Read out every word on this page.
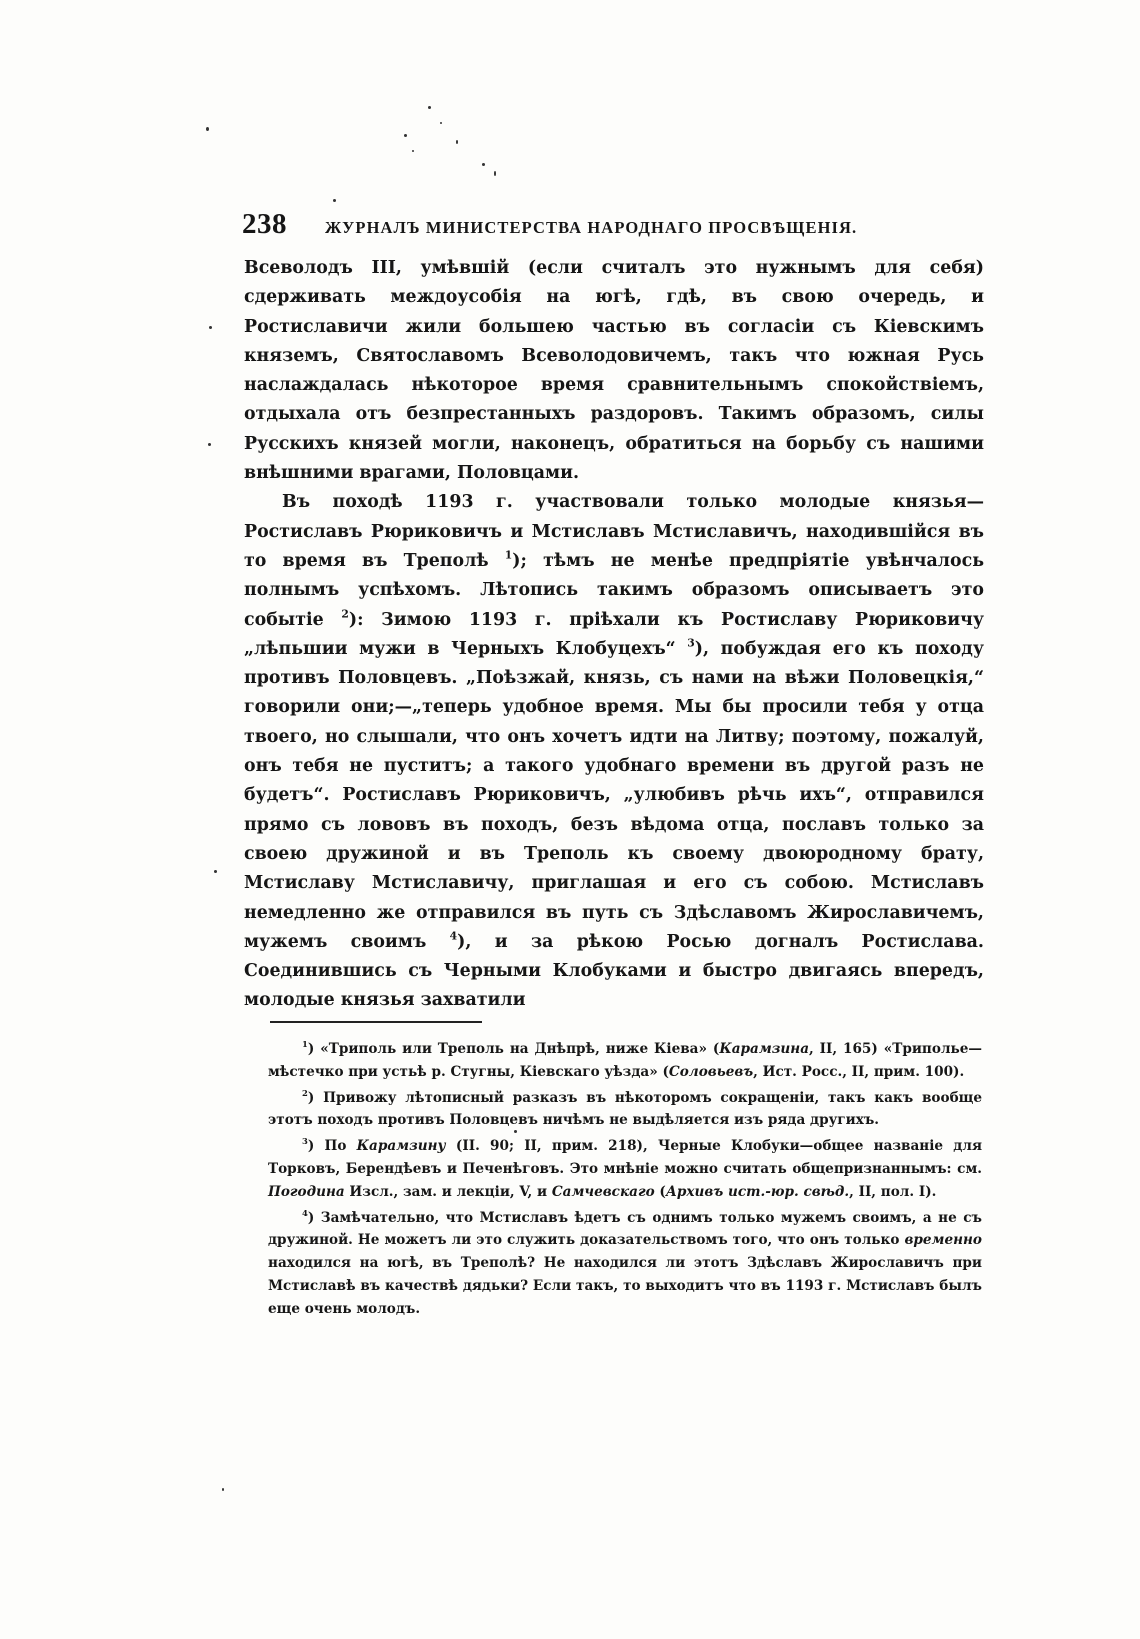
238 ЖУРНАЛЪ МИНИСТЕРСТВА НАРОДНАГО ПРОСВѢЩЕНІЯ.

Всеволодъ III, умѣвшій (если считалъ это нужнымъ для себя) сдерживать междоусобія на югѣ, гдѣ, въ свою очередь, и Ростиславичи жили большею частью въ согласіи съ Кіевскимъ княземъ, Святославомъ Всеволодовичемъ, такъ что южная Русь наслаждалась нѣкоторое время сравнительнымъ спокойствіемъ, отдыхала отъ безпрестанныхъ раздоровъ. Такимъ образомъ, силы Русскихъ князей могли, наконецъ, обратиться на борьбу съ нашими внѣшними врагами, Половцами.

Въ походѣ 1193 г. участвовали только молодые князья—Ростиславъ Рюриковичъ и Мстиславъ Мстиславичъ, находившійся въ то время въ Треполѣ $^1$); тѣмъ не менѣе предпріятіе увѣнчалось полнымъ успѣхомъ. Лѣтопись такимъ образомъ описываетъ это событіе $^2$): Зимою 1193 г. пріѣхали къ Ростиславу Рюриковичу „лѣпьшии мужи в Черныхъ Клобуцехъ“ $^3$), побуждая его къ походу противъ Половцевъ. „Поѣзжай, князь, съ нами на вѣжи Половецкія,“ говорили они;—„теперь удобное время. Мы бы просили тебя у отца твоего, но слышали, что онъ хочетъ идти на Литву; поэтому, пожалуй, онъ тебя не пуститъ; а такого удобнаго времени въ другой разъ не будетъ“. Ростиславъ Рюриковичъ, „улюбивъ рѣчь ихъ“, отправился прямо съ лововъ въ походъ, безъ вѣдома отца, пославъ только за своею дружиной и въ Треполь къ своему двоюродному брату, Мстиславу Мстиславичу, приглашая и его съ собою. Мстиславъ немедленно же отправился въ путь съ Здѣславомъ Жирославичемъ, мужемъ своимъ $^4$), и за рѣкою Росью догналъ Ростислава. Соединившись съ Черными Клобуками и быстро двигаясь впередъ, молодые князья захватили

$^1$) «Триполь или Треполь на Днѣпрѣ, ниже Кіева» (Карамзина, II, 165) «Триполье—мѣстечко при устьѣ р. Стугны, Кіевскаго уѣзда» (Соловьевъ, Ист. Росс., II, прим. 100).

$^2$) Привожу лѣтописный разказъ въ нѣкоторомъ сокращеніи, такъ какъ вообще этотъ походъ противъ Половцевъ ничѣмъ не выдѣляется изъ ряда другихъ.

$^3$) По Карамзину (II. 90; II, прим. 218), Черные Клобуки—общее названіе для Торковъ, Берендѣевъ и Печенѣговъ. Это мнѣніе можно считать общепризнаннымъ: см. Погодина Изсл., зам. и лекціи, V, и Самчевскаго (Архивъ ист.-юр. свѣд., II, пол. I).

$^4$) Замѣчательно, что Мстиславъ ѣдетъ съ однимъ только мужемъ своимъ, а не съ дружиной. Не можетъ ли это служить доказательствомъ того, что онъ только временно находился на югѣ, въ Треполѣ? Не находился ли этотъ Здѣславъ Жирославичъ при Мстиславѣ въ качествѣ дядьки? Если такъ, то выходитъ что въ 1193 г. Мстиславъ былъ еще очень молодъ.
